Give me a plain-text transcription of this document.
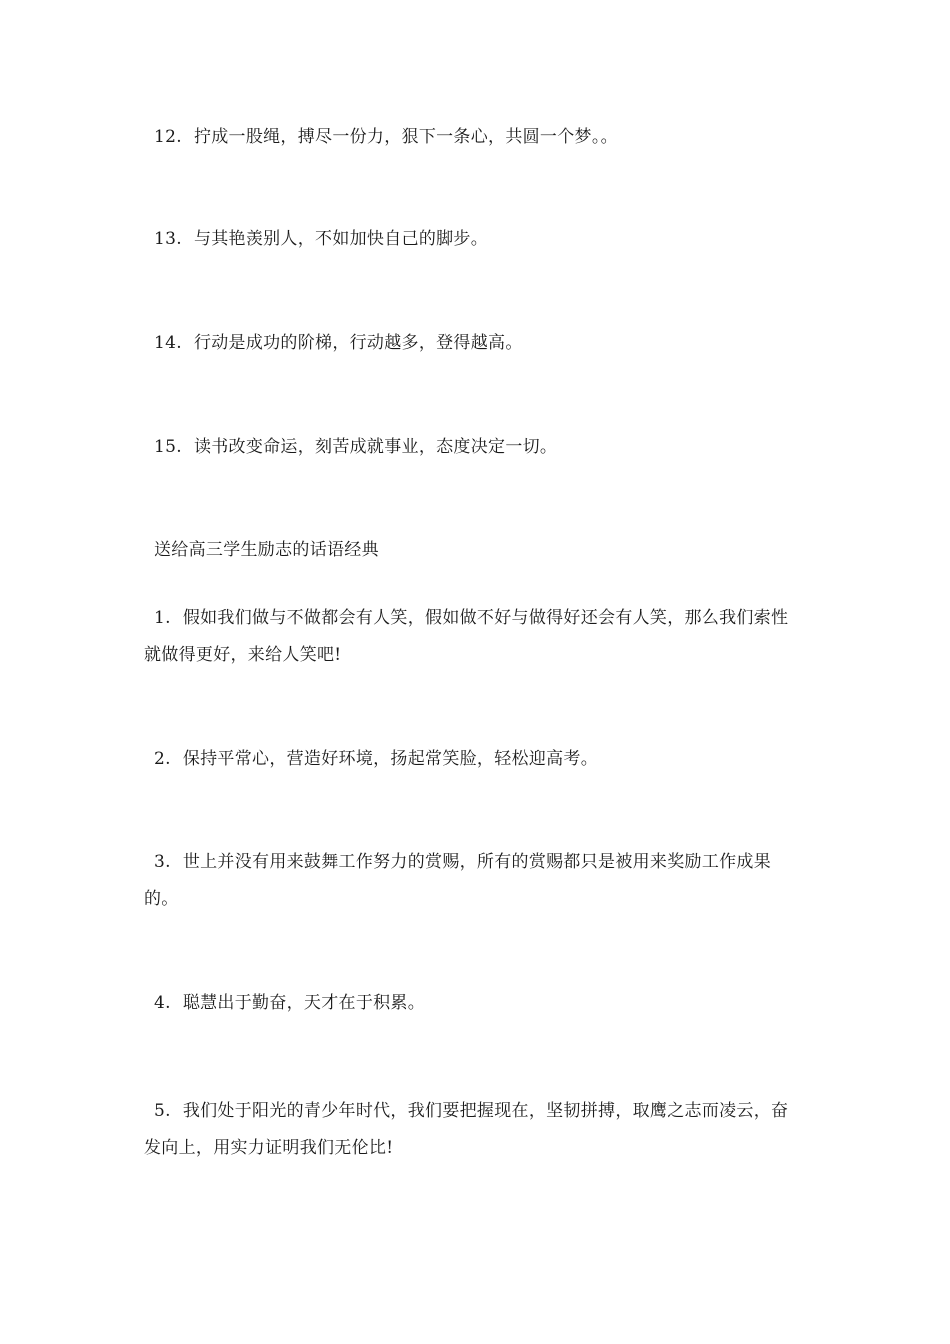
12. 拧成一股绳，搏尽一份力，狠下一条心，共圆一个梦。。
13. 与其艳羡别人，不如加快自己的脚步。
14. 行动是成功的阶梯，行动越多，登得越高。
15. 读书改变命运，刻苦成就事业，态度决定一切。
送给高三学生励志的话语经典
1. 假如我们做与不做都会有人笑，假如做不好与做得好还会有人笑，那么我们索性就做得更好，来给人笑吧!
2. 保持平常心，营造好环境，扬起常笑脸，轻松迎高考。
3. 世上并没有用来鼓舞工作努力的赏赐，所有的赏赐都只是被用来奖励工作成果的。
4. 聪慧出于勤奋，天才在于积累。
5. 我们处于阳光的青少年时代，我们要把握现在，坚韧拼搏，取鹰之志而凌云，奋发向上，用实力证明我们无伦比!
